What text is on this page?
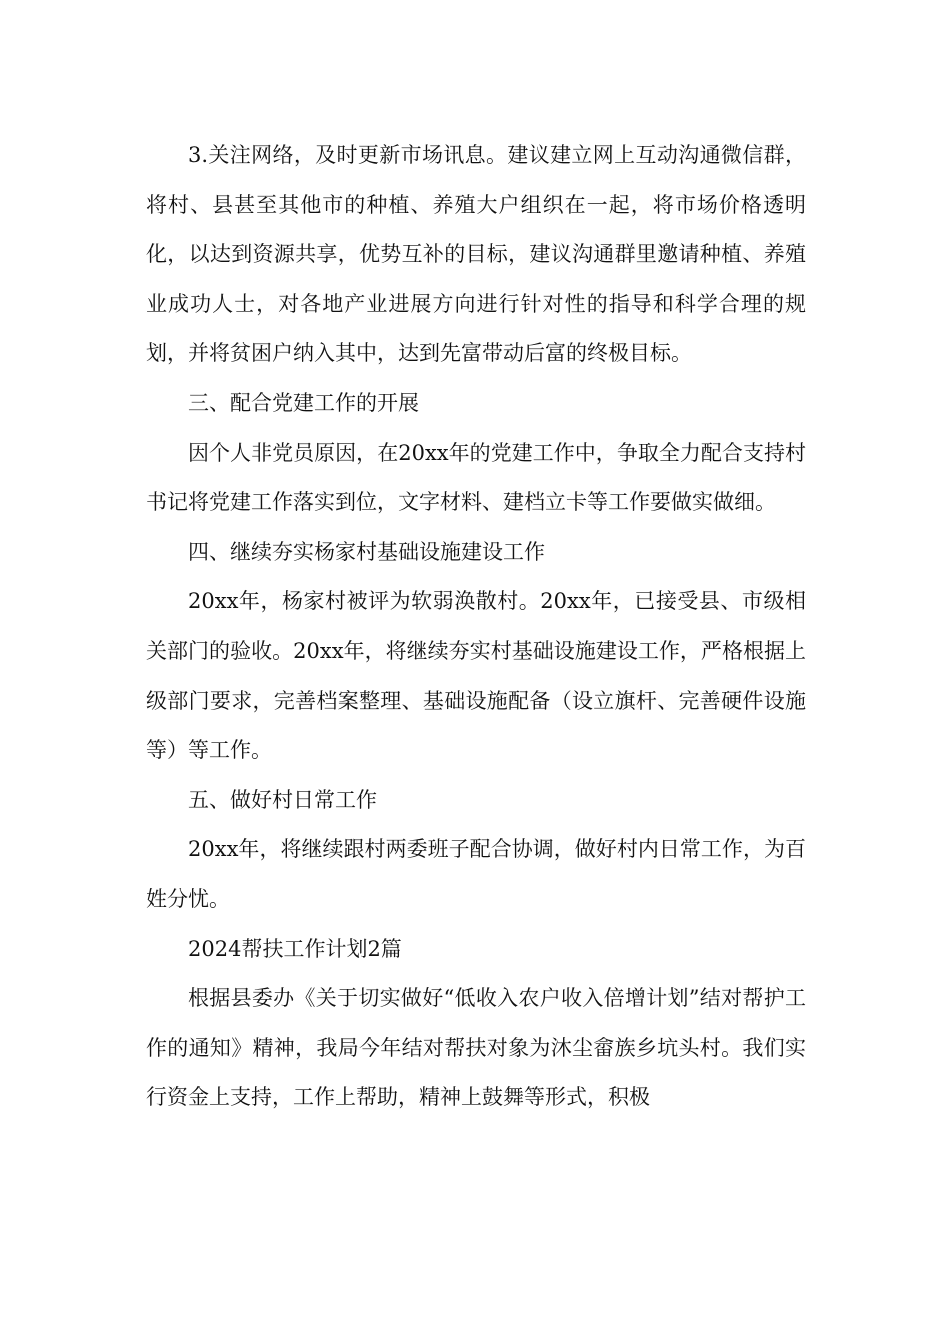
3.关注网络，及时更新市场讯息。建议建立网上互动沟通微信群，将村、县甚至其他市的种植、养殖大户组织在一起，将市场价格透明化，以达到资源共享，优势互补的目标，建议沟通群里邀请种植、养殖业成功人士，对各地产业进展方向进行针对性的指导和科学合理的规划，并将贫困户纳入其中，达到先富带动后富的终极目标。

三、配合党建工作的开展

因个人非党员原因，在20xx年的党建工作中，争取全力配合支持村书记将党建工作落实到位，文字材料、建档立卡等工作要做实做细。

四、继续夯实杨家村基础设施建设工作

20xx年，杨家村被评为软弱涣散村。20xx年，已接受县、市级相关部门的验收。20xx年，将继续夯实村基础设施建设工作，严格根据上级部门要求，完善档案整理、基础设施配备（设立旗杆、完善硬件设施等）等工作。

五、做好村日常工作

20xx年，将继续跟村两委班子配合协调，做好村内日常工作，为百姓分忧。

2024帮扶工作计划2篇

根据县委办《关于切实做好“低收入农户收入倍增计划”结对帮护工作的通知》精神，我局今年结对帮扶对象为沐尘畲族乡坑头村。我们实行资金上支持，工作上帮助，精神上鼓舞等形式，积极
